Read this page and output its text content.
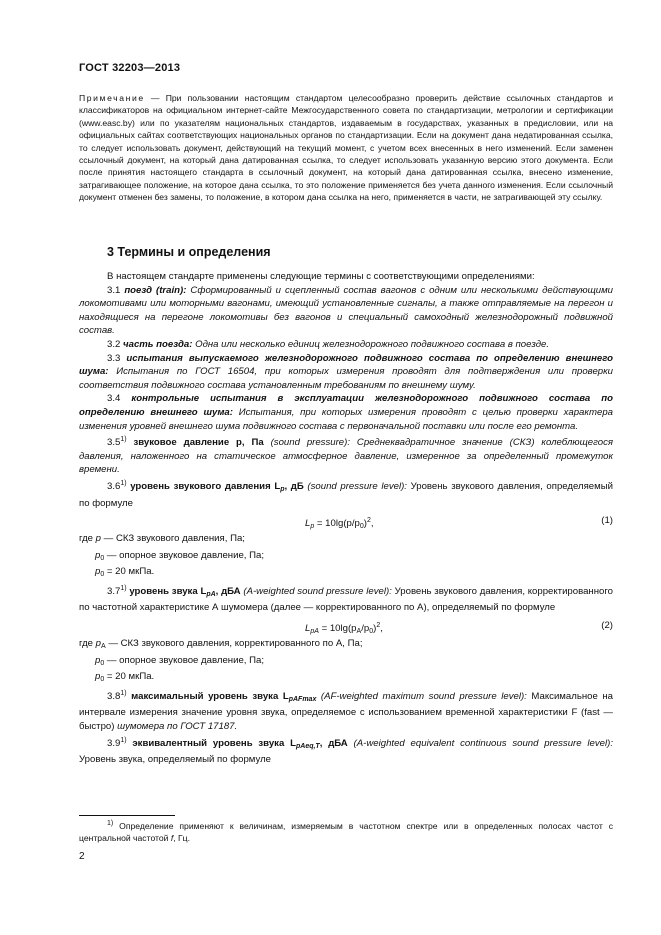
ГОСТ 32203—2013
Примечание — При пользовании настоящим стандартом целесообразно проверить действие ссылочных стандартов и классификаторов на официальном интернет-сайте Межгосударственного совета по стандартизации, метрологии и сертификации (www.easc.by) или по указателям национальных стандартов, издаваемым в государствах, указанных в предисловии, или на официальных сайтах соответствующих национальных органов по стандартизации. Если на документ дана недатированная ссылка, то следует использовать документ, действующий на текущий момент, с учетом всех внесенных в него изменений. Если заменен ссылочный документ, на который дана датированная ссылка, то следует использовать указанную версию этого документа. Если после принятия настоящего стандарта в ссылочный документ, на который дана датированная ссылка, внесено изменение, затрагивающее положение, на которое дана ссылка, то это положение применяется без учета данного изменения. Если ссылочный документ отменен без замены, то положение, в котором дана ссылка на него, применяется в части, не затрагивающей эту ссылку.
3 Термины и определения

В настоящем стандарте применены следующие термины с соответствующими определениями:

3.1 поезд (train): Сформированный и сцепленный состав вагонов с одним или несколькими действующими локомотивами или моторными вагонами, имеющий установленные сигналы, а также отправляемые на перегон и находящиеся на перегоне локомотивы без вагонов и специальный самоходный железнодорожный подвижной состав.

3.2 часть поезда: Одна или несколько единиц железнодорожного подвижного состава в поезде.

3.3 испытания выпускаемого железнодорожного подвижного состава по определению внешнего шума: Испытания по ГОСТ 16504, при которых измерения проводят для подтверждения или проверки соответствия подвижного состава установленным требованиям по внешнему шуму.

3.4 контрольные испытания в эксплуатации железнодорожного подвижного состава по определению внешнего шума: Испытания, при которых измерения проводят с целью проверки характера изменения уровней внешнего шума подвижного состава с первоначальной поставки или после его ремонта.

3.5$^{1)}$ звуковое давление p, Па (sound pressure): Среднеквадратичное значение (СКЗ) колеблющегося давления, наложенного на статическое атмосферное давление, измеренное за определенный промежуток времени.

3.6$^{1)}$ уровень звукового давления $L_p$, дБ (sound pressure level): Уровень звукового давления, определяемый по формуле

$L_p = 10\lg(p/p_0)^2$,	(1)

где p — СКЗ звукового давления, Па;

$p_0$ — опорное звуковое давление, Па;

$p_0 = 20$ мкПа.

3.7$^{1)}$ уровень звука $L_{pA}$, дБА (A-weighted sound pressure level): Уровень звукового давления, корректированного по частотной характеристике А шумомера (далее — корректированного по А), определяемый по формуле

$L_{pA} = 10\lg(p_A/p_0)^2$,	(2)

где $p_A$ — СКЗ звукового давления, корректированного по А, Па;

$p_0$ — опорное звуковое давление, Па;

$p_0 = 20$ мкПа.

3.8$^{1)}$ максимальный уровень звука $L_{pAFmax}$ (AF-weighted maximum sound pressure level): Максимальное на интервале измерения значение уровня звука, определяемое с использованием временной характеристики F (fast — быстро) шумомера по ГОСТ 17187.

3.9$^{1)}$ эквивалентный уровень звука $L_{pAeq,T}$, дБА (A-weighted equivalent continuous sound pressure level): Уровень звука, определяемый по формуле

$^{1)}$ Определение применяют к величинам, измеряемым в частотном спектре или в определенных полосах частот с центральной частотой f, Гц.
2
